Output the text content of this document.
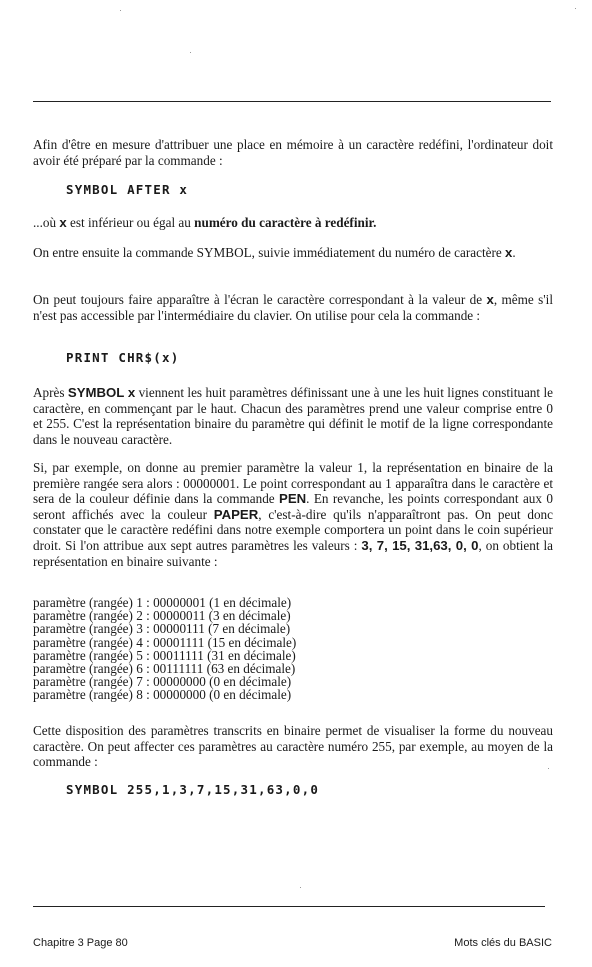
Afin d'être en mesure d'attribuer une place en mémoire à un caractère redéfini, l'ordinateur doit avoir été préparé par la commande :

SYMBOL AFTER x

...où x est inférieur ou égal au numéro du caractère à redéfinir.

On entre ensuite la commande SYMBOL, suivie immédiatement du numéro de caractère x.

On peut toujours faire apparaître à l'écran le caractère correspondant à la valeur de x, même s'il n'est pas accessible par l'intermédiaire du clavier. On utilise pour cela la commande :

PRINT CHR$(x)

Après SYMBOL x viennent les huit paramètres définissant une à une les huit lignes constituant le caractère, en commençant par le haut. Chacun des paramètres prend une valeur comprise entre 0 et 255. C'est la représentation binaire du paramètre qui définit le motif de la ligne correspondante dans le nouveau caractère.

Si, par exemple, on donne au premier paramètre la valeur 1, la représentation en binaire de la première rangée sera alors : 00000001. Le point correspondant au 1 apparaîtra dans le caractère et sera de la couleur définie dans la commande PEN. En revanche, les points correspondant aux 0 seront affichés avec la couleur PAPER, c'est-à-dire qu'ils n'apparaîtront pas. On peut donc constater que le caractère redéfini dans notre exemple comportera un point dans le coin supérieur droit. Si l'on attribue aux sept autres paramètres les valeurs : 3, 7, 15, 31,63, 0, 0, on obtient la représentation en binaire suivante :

paramètre (rangée) 1 : 00000001 (1 en décimale)
paramètre (rangée) 2 : 00000011 (3 en décimale)
paramètre (rangée) 3 : 00000111 (7 en décimale)
paramètre (rangée) 4 : 00001111 (15 en décimale)
paramètre (rangée) 5 : 00011111 (31 en décimale)
paramètre (rangée) 6 : 00111111 (63 en décimale)
paramètre (rangée) 7 : 00000000 (0 en décimale)
paramètre (rangée) 8 : 00000000 (0 en décimale)

Cette disposition des paramètres transcrits en binaire permet de visualiser la forme du nouveau caractère. On peut affecter ces paramètres au caractère numéro 255, par exemple, au moyen de la commande :

SYMBOL 255,1,3,7,15,31,63,0,0
Chapitre 3 Page 80	Mots clés du BASIC
